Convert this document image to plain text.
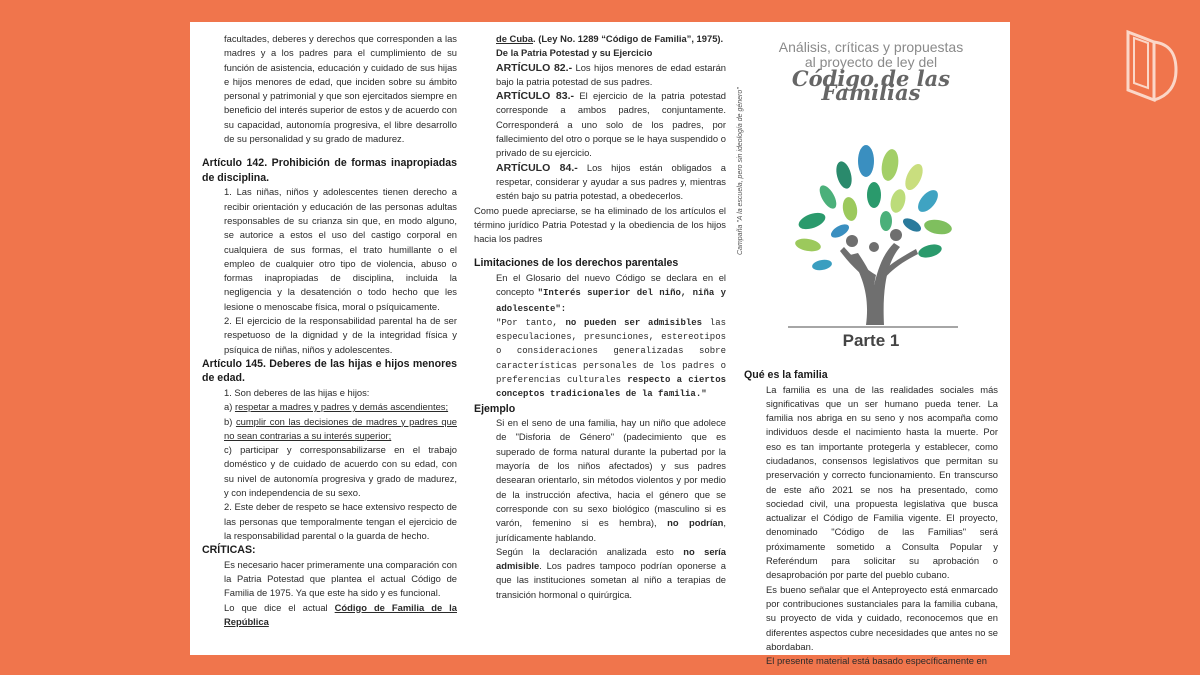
facultades, deberes y derechos que corresponden a las madres y a los padres para el cumplimiento de su función de asistencia, educación y cuidado de sus hijas e hijos menores de edad, que inciden sobre su ámbito personal y patrimonial y que son ejercitados siempre en beneficio del interés superior de estos y de acuerdo con su capacidad, autonomía progresiva, el libre desarrollo de su personalidad y su grado de madurez.

Artículo 142. Prohibición de formas inapropiadas de disciplina.

1. Las niñas, niños y adolescentes tienen derecho a recibir orientación y educación de las personas adultas responsables de su crianza sin que, en modo alguno, se autorice a estos el uso del castigo corporal en cualquiera de sus formas, el trato humillante o el empleo de cualquier otro tipo de violencia, abuso o formas inapropiadas de disciplina, incluida la negligencia y la desatención o todo hecho que les lesione o menoscabe física, moral o psíquicamente.

2. El ejercicio de la responsabilidad parental ha de ser respetuoso de la dignidad y de la integridad física y psíquica de niñas, niños y adolescentes.

Artículo 145. Deberes de las hijas e hijos menores de edad.

1. Son deberes de las hijas e hijos:

a) respetar a madres y padres y demás ascendientes;

b) cumplir con las decisiones de madres y padres que no sean contrarias a su interés superior;

c) participar y corresponsabilizarse en el trabajo doméstico y de cuidado de acuerdo con su edad, con su nivel de autonomía progresiva y grado de madurez, y con independencia de su sexo.

2. Este deber de respeto se hace extensivo respecto de las personas que temporalmente tengan el ejercicio de la responsabilidad parental o la guarda de hecho.

CRÍTICAS:

Es necesario hacer primeramente una comparación con la Patria Potestad que plantea el actual Código de Familia de 1975. Ya que este ha sido y es funcional.

Lo que dice el actual Código de Familia de la República

de Cuba. (Ley No. 1289 “Código de Familia”, 1975).

De la Patria Potestad y su Ejercicio

ARTÍCULO 82.- Los hijos menores de edad estarán bajo la patria potestad de sus padres.

ARTÍCULO 83.- El ejercicio de la patria potestad corresponde a ambos padres, conjuntamente. Corresponderá a uno solo de los padres, por fallecimiento del otro o porque se le haya suspendido o privado de su ejercicio.

ARTÍCULO 84.- Los hijos están obligados a respetar, considerar y ayudar a sus padres y, mientras estén bajo su patria potestad, a obedecerlos.

Como puede apreciarse, se ha eliminado de los artículos el término jurídico Patria Potestad y la obediencia de los hijos hacia los padres

Limitaciones de los derechos parentales

En el Glosario del nuevo Código se declara en el concepto "Interés superior del niño, niña y adolescente":

"Por tanto, no pueden ser admisibles las especulaciones, presunciones, estereotipos o consideraciones generalizadas sobre características personales de los padres o preferencias culturales respecto a ciertos conceptos tradicionales de la familia."

Ejemplo

Si en el seno de una familia, hay un niño que adolece de "Disforia de Género" (padecimiento que es superado de forma natural durante la pubertad por la mayoría de los niños afectados) y sus padres desearan orientarlo, sin métodos violentos y por medio de la instrucción afectiva, hacia el género que se corresponde con su sexo biológico (masculino si es varón, femenino si es hembra), no podrían, jurídicamente hablando.

Según la declaración analizada esto no sería admisible. Los padres tampoco podrían oponerse a que las instituciones sometan al niño a terapias de transición hormonal o quirúrgica.

Análisis, críticas y propuestas
al proyecto de ley del
Código de las Familias
Campaña "A la escuela, pero sin ideología de género"
Parte 1

Qué es la familia

La familia es una de las realidades sociales más significativas que un ser humano pueda tener. La familia nos abriga en su seno y nos acompaña como individuos desde el nacimiento hasta la muerte. Por eso es tan importante protegerla y establecer, como ciudadanos, consensos legislativos que permitan su preservación y correcto funcionamiento. En transcurso de este año 2021 se nos ha presentado, como sociedad civil, una propuesta legislativa que busca actualizar el Código de Familia vigente. El proyecto, denominado "Código de las Familias" será próximamente sometido a Consulta Popular y Referéndum para solicitar su aprobación o desaprobación por parte del pueblo cubano.

Es bueno señalar que el Anteproyecto está enmarcado por contribuciones sustanciales para la familia cubana, su proyecto de vida y cuidado, reconocemos que en diferentes aspectos cubre necesidades que antes no se abordaban.

El presente material está basado específicamente en
